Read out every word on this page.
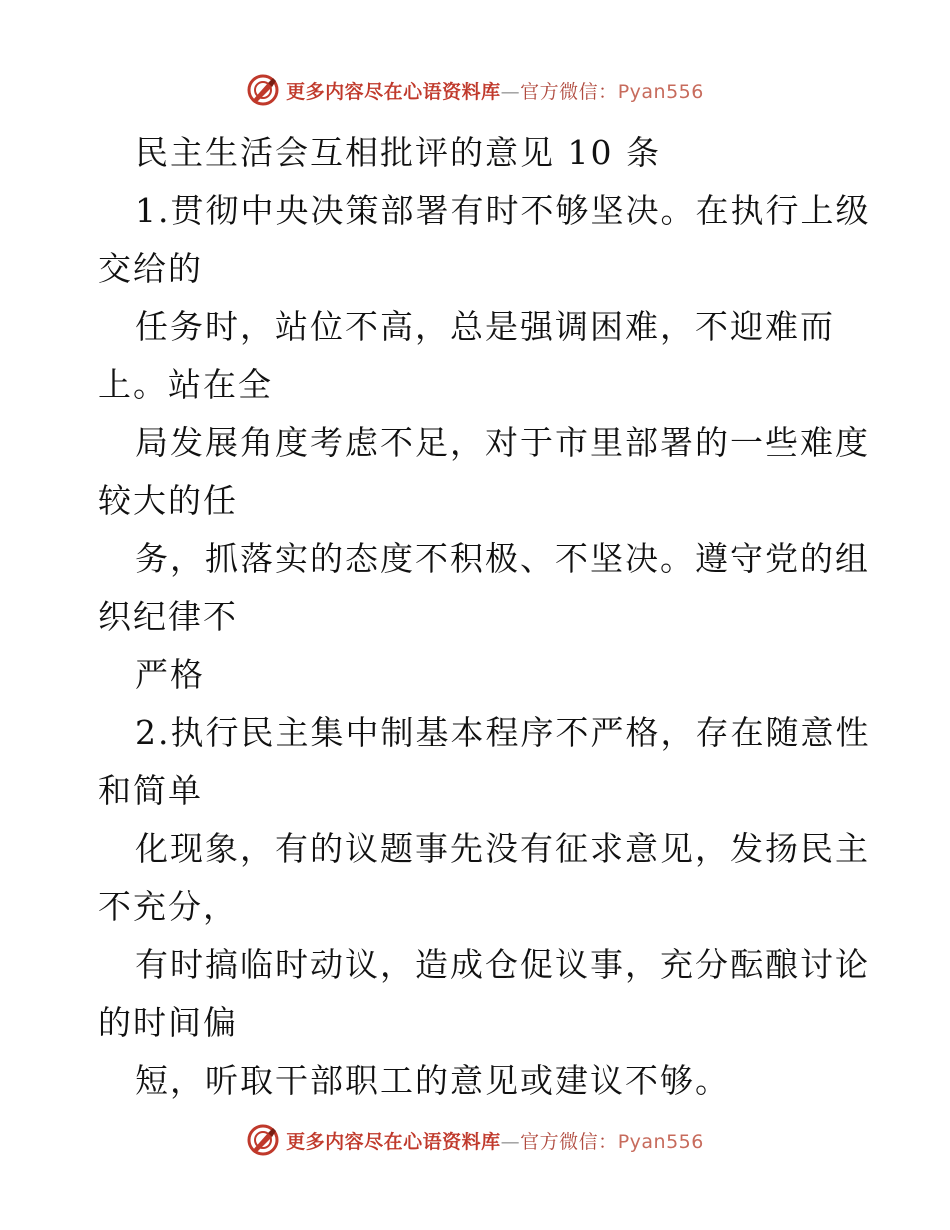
更多内容尽在心语资料库—官方微信：Pyan556
民主生活会互相批评的意见 10 条
1.贯彻中央决策部署有时不够坚决。在执行上级
交给的
任务时，站位不高，总是强调困难，不迎难而
上。站在全
局发展角度考虑不足，对于市里部署的一些难度
较大的任
务，抓落实的态度不积极、不坚决。遵守党的组
织纪律不
严格
2.执行民主集中制基本程序不严格，存在随意性
和简单
化现象，有的议题事先没有征求意见，发扬民主
不充分，
有时搞临时动议，造成仓促议事，充分酝酿讨论
的时间偏
短，听取干部职工的意见或建议不够。
更多内容尽在心语资料库—官方微信：Pyan556
